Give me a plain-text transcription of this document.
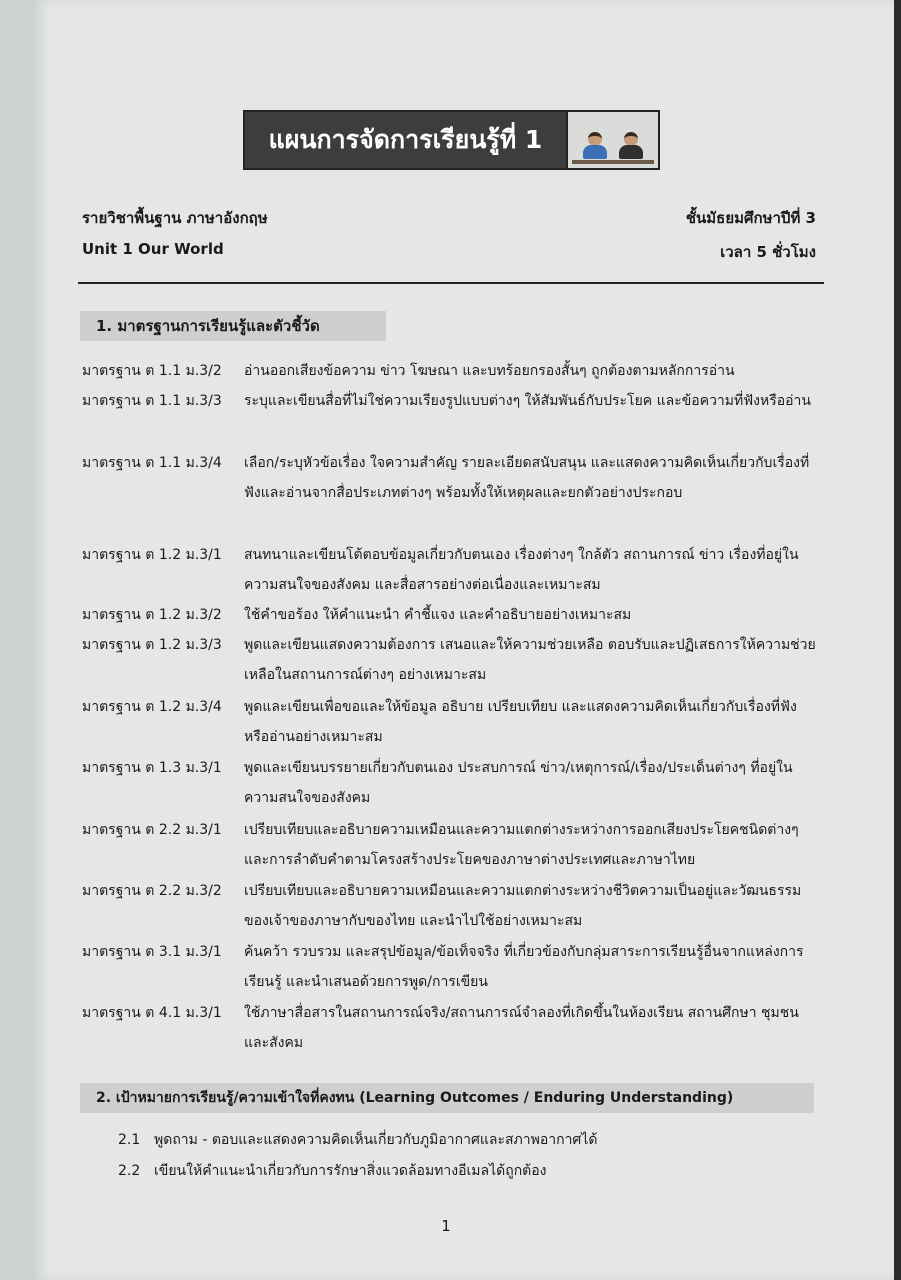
แผนการจัดการเรียนรู้ที่ 1
รายวิชาพื้นฐาน ภาษาอังกฤษ	ชั้นมัธยมศึกษาปีที่ 3
Unit 1 Our World	เวลา 5 ชั่วโมง
1. มาตรฐานการเรียนรู้และตัวชี้วัด
มาตรฐาน ต 1.1 ม.3/2	อ่านออกเสียงข้อความ ข่าว โฆษณา และบทร้อยกรองสั้นๆ ถูกต้องตามหลักการอ่าน
มาตรฐาน ต 1.1 ม.3/3	ระบุและเขียนสื่อที่ไม่ใช่ความเรียงรูปแบบต่างๆ ให้สัมพันธ์กับประโยค และข้อความที่ฟังหรืออ่าน
มาตรฐาน ต 1.1 ม.3/4	เลือก/ระบุหัวข้อเรื่อง ใจความสำคัญ รายละเอียดสนับสนุน และแสดงความคิดเห็นเกี่ยวกับเรื่องที่ฟังและอ่านจากสื่อประเภทต่างๆ พร้อมทั้งให้เหตุผลและยกตัวอย่างประกอบ
มาตรฐาน ต 1.2 ม.3/1	สนทนาและเขียนโต้ตอบข้อมูลเกี่ยวกับตนเอง เรื่องต่างๆ ใกล้ตัว สถานการณ์ ข่าว เรื่องที่อยู่ในความสนใจของสังคม และสื่อสารอย่างต่อเนื่องและเหมาะสม
มาตรฐาน ต 1.2 ม.3/2	ใช้คำขอร้อง ให้คำแนะนำ คำชี้แจง และคำอธิบายอย่างเหมาะสม
มาตรฐาน ต 1.2 ม.3/3	พูดและเขียนแสดงความต้องการ เสนอและให้ความช่วยเหลือ ตอบรับและปฏิเสธการให้ความช่วยเหลือในสถานการณ์ต่างๆ อย่างเหมาะสม
มาตรฐาน ต 1.2 ม.3/4	พูดและเขียนเพื่อขอและให้ข้อมูล อธิบาย เปรียบเทียบ และแสดงความคิดเห็นเกี่ยวกับเรื่องที่ฟังหรืออ่านอย่างเหมาะสม
มาตรฐาน ต 1.3 ม.3/1	พูดและเขียนบรรยายเกี่ยวกับตนเอง ประสบการณ์ ข่าว/เหตุการณ์/เรื่อง/ประเด็นต่างๆ ที่อยู่ในความสนใจของสังคม
มาตรฐาน ต 2.2 ม.3/1	เปรียบเทียบและอธิบายความเหมือนและความแตกต่างระหว่างการออกเสียงประโยคชนิดต่างๆ และการลำดับคำตามโครงสร้างประโยคของภาษาต่างประเทศและภาษาไทย
มาตรฐาน ต 2.2 ม.3/2	เปรียบเทียบและอธิบายความเหมือนและความแตกต่างระหว่างชีวิตความเป็นอยู่และวัฒนธรรมของเจ้าของภาษากับของไทย และนำไปใช้อย่างเหมาะสม
มาตรฐาน ต 3.1 ม.3/1	ค้นคว้า รวบรวม และสรุปข้อมูล/ข้อเท็จจริง ที่เกี่ยวข้องกับกลุ่มสาระการเรียนรู้อื่นจากแหล่งการเรียนรู้ และนำเสนอด้วยการพูด/การเขียน
มาตรฐาน ต 4.1 ม.3/1	ใช้ภาษาสื่อสารในสถานการณ์จริง/สถานการณ์จำลองที่เกิดขึ้นในห้องเรียน สถานศึกษา ชุมชน และสังคม
2. เป้าหมายการเรียนรู้/ความเข้าใจที่คงทน (Learning Outcomes / Enduring Understanding)
2.1 พูดถาม - ตอบและแสดงความคิดเห็นเกี่ยวกับภูมิอากาศและสภาพอากาศได้
2.2 เขียนให้คำแนะนำเกี่ยวกับการรักษาสิ่งแวดล้อมทางอีเมลได้ถูกต้อง
1
